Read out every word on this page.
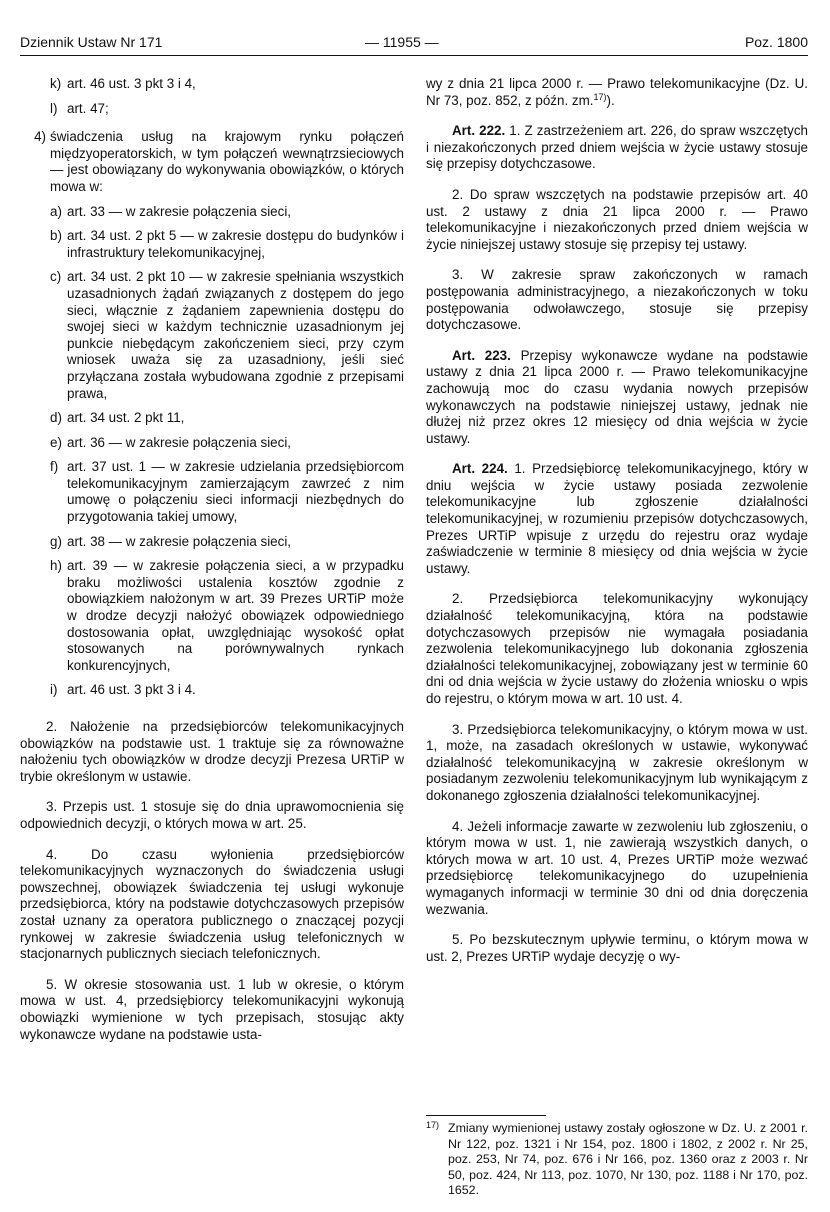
Dziennik Ustaw Nr 171	— 11955 —	Poz. 1800
k) art. 46 ust. 3 pkt 3 i 4,
l) art. 47;
4) świadczenia usług na krajowym rynku połączeń międzyoperatorskich, w tym połączeń wewnątrzsieciowych — jest obowiązany do wykonywania obowiązków, o których mowa w:
a) art. 33 — w zakresie połączenia sieci,
b) art. 34 ust. 2 pkt 5 — w zakresie dostępu do budynków i infrastruktury telekomunikacyjnej,
c) art. 34 ust. 2 pkt 10 — w zakresie spełniania wszystkich uzasadnionych żądań związanych z dostępem do jego sieci, włącznie z żądaniem zapewnienia dostępu do swojej sieci w każdym technicznie uzasadnionym jej punkcie niebędącym zakończeniem sieci, przy czym wniosek uważa się za uzasadniony, jeśli sieć przyłączana została wybudowana zgodnie z przepisami prawa,
d) art. 34 ust. 2 pkt 11,
e) art. 36 — w zakresie połączenia sieci,
f) art. 37 ust. 1 — w zakresie udzielania przedsiębiorcom telekomunikacyjnym zamierzającym zawrzeć z nim umowę o połączeniu sieci informacji niezbędnych do przygotowania takiej umowy,
g) art. 38 — w zakresie połączenia sieci,
h) art. 39 — w zakresie połączenia sieci, a w przypadku braku możliwości ustalenia kosztów zgodnie z obowiązkiem nałożonym w art. 39 Prezes URTiP może w drodze decyzji nałożyć obowiązek odpowiedniego dostosowania opłat, uwzględniając wysokość opłat stosowanych na porównywalnych rynkach konkurencyjnych,
i) art. 46 ust. 3 pkt 3 i 4.

2. Nałożenie na przedsiębiorców telekomunikacyjnych obowiązków na podstawie ust. 1 traktuje się za równoważne nałożeniu tych obowiązków w drodze decyzji Prezesa URTiP w trybie określonym w ustawie.

3. Przepis ust. 1 stosuje się do dnia uprawomocnienia się odpowiednich decyzji, o których mowa w art. 25.

4. Do czasu wyłonienia przedsiębiorców telekomunikacyjnych wyznaczonych do świadczenia usługi powszechnej, obowiązek świadczenia tej usługi wykonuje przedsiębiorca, który na podstawie dotychczasowych przepisów został uznany za operatora publicznego o znaczącej pozycji rynkowej w zakresie świadczenia usług telefonicznych w stacjonarnych publicznych sieciach telefonicznych.

5. W okresie stosowania ust. 1 lub w okresie, o którym mowa w ust. 4, przedsiębiorcy telekomunikacyjni wykonują obowiązki wymienione w tych przepisach, stosując akty wykonawcze wydane na podstawie usta-

wy z dnia 21 lipca 2000 r. — Prawo telekomunikacyjne (Dz. U. Nr 73, poz. 852, z późn. zm.$^{17)}$).

Art. 222. 1. Z zastrzeżeniem art. 226, do spraw wszczętych i niezakończonych przed dniem wejścia w życie ustawy stosuje się przepisy dotychczasowe.

2. Do spraw wszczętych na podstawie przepisów art. 40 ust. 2 ustawy z dnia 21 lipca 2000 r. — Prawo telekomunikacyjne i niezakończonych przed dniem wejścia w życie niniejszej ustawy stosuje się przepisy tej ustawy.

3. W zakresie spraw zakończonych w ramach postępowania administracyjnego, a niezakończonych w toku postępowania odwoławczego, stosuje się przepisy dotychczasowe.

Art. 223. Przepisy wykonawcze wydane na podstawie ustawy z dnia 21 lipca 2000 r. — Prawo telekomunikacyjne zachowują moc do czasu wydania nowych przepisów wykonawczych na podstawie niniejszej ustawy, jednak nie dłużej niż przez okres 12 miesięcy od dnia wejścia w życie ustawy.

Art. 224. 1. Przedsiębiorcę telekomunikacyjnego, który w dniu wejścia w życie ustawy posiada zezwolenie telekomunikacyjne lub zgłoszenie działalności telekomunikacyjnej, w rozumieniu przepisów dotychczasowych, Prezes URTiP wpisuje z urzędu do rejestru oraz wydaje zaświadczenie w terminie 8 miesięcy od dnia wejścia w życie ustawy.

2. Przedsiębiorca telekomunikacyjny wykonujący działalność telekomunikacyjną, która na podstawie dotychczasowych przepisów nie wymagała posiadania zezwolenia telekomunikacyjnego lub dokonania zgłoszenia działalności telekomunikacyjnej, zobowiązany jest w terminie 60 dni od dnia wejścia w życie ustawy do złożenia wniosku o wpis do rejestru, o którym mowa w art. 10 ust. 4.

3. Przedsiębiorca telekomunikacyjny, o którym mowa w ust. 1, może, na zasadach określonych w ustawie, wykonywać działalność telekomunikacyjną w zakresie określonym w posiadanym zezwoleniu telekomunikacyjnym lub wynikającym z dokonanego zgłoszenia działalności telekomunikacyjnej.

4. Jeżeli informacje zawarte w zezwoleniu lub zgłoszeniu, o którym mowa w ust. 1, nie zawierają wszystkich danych, o których mowa w art. 10 ust. 4, Prezes URTiP może wezwać przedsiębiorcę telekomunikacyjnego do uzupełnienia wymaganych informacji w terminie 30 dni od dnia doręczenia wezwania.

5. Po bezskutecznym upływie terminu, o którym mowa w ust. 2, Prezes URTiP wydaje decyzję o wy-

17) Zmiany wymienionej ustawy zostały ogłoszone w Dz. U. z 2001 r. Nr 122, poz. 1321 i Nr 154, poz. 1800 i 1802, z 2002 r. Nr 25, poz. 253, Nr 74, poz. 676 i Nr 166, poz. 1360 oraz z 2003 r. Nr 50, poz. 424, Nr 113, poz. 1070, Nr 130, poz. 1188 i Nr 170, poz. 1652.
